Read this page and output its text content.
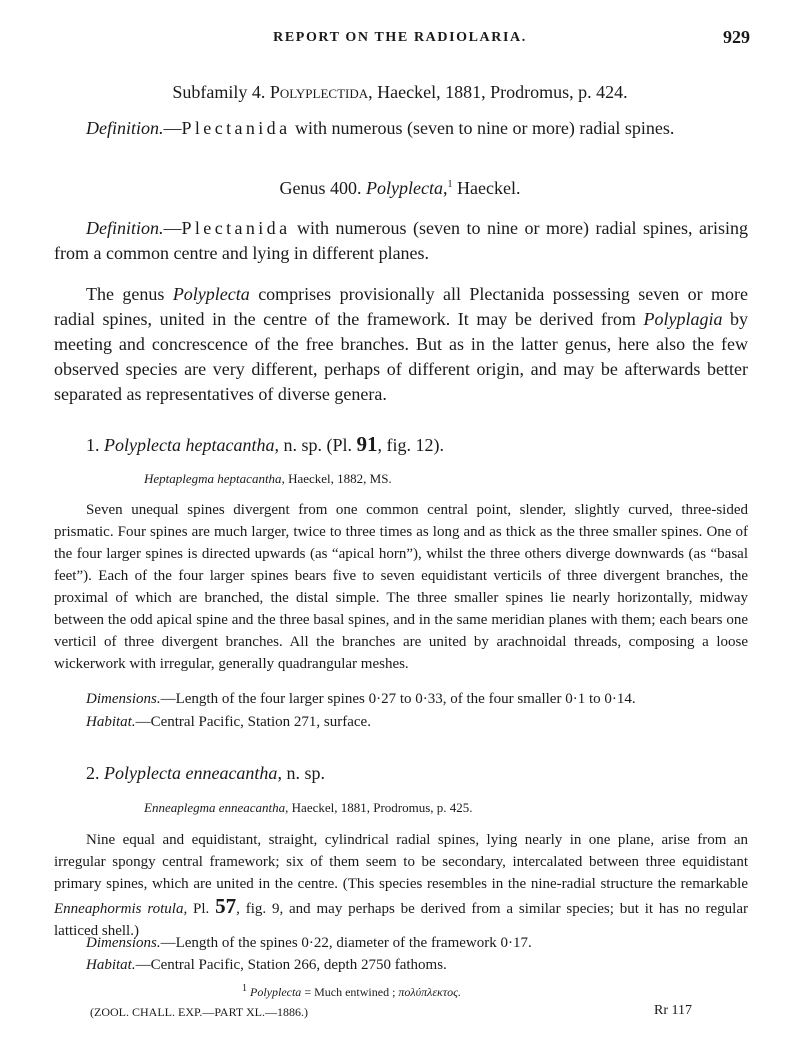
REPORT ON THE RADIOLARIA.	929
Subfamily 4. Polyplectida, Haeckel, 1881, Prodromus, p. 424.
Definition.—Plectanida with numerous (seven to nine or more) radial spines.
Genus 400. Polyplecta,$^1$ Haeckel.
Definition.—Plectanida with numerous (seven to nine or more) radial spines, arising from a common centre and lying in different planes.
The genus Polyplecta comprises provisionally all Plectanida possessing seven or more radial spines, united in the centre of the framework. It may be derived from Polyplagia by meeting and concrescence of the free branches. But as in the latter genus, here also the few observed species are very different, perhaps of different origin, and may be afterwards better separated as representatives of diverse genera.
1. Polyplecta heptacantha, n. sp. (Pl. 91, fig. 12).
Heptaplegma heptacantha, Haeckel, 1882, MS.
Seven unequal spines divergent from one common central point, slender, slightly curved, three-sided prismatic. Four spines are much larger, twice to three times as long and as thick as the three smaller spines. One of the four larger spines is directed upwards (as “apical horn”), whilst the three others diverge downwards (as “basal feet”). Each of the four larger spines bears five to seven equidistant verticils of three divergent branches, the proximal of which are branched, the distal simple. The three smaller spines lie nearly horizontally, midway between the odd apical spine and the three basal spines, and in the same meridian planes with them; each bears one verticil of three divergent branches. All the branches are united by arachnoidal threads, composing a loose wickerwork with irregular, generally quadrangular meshes.
Dimensions.—Length of the four larger spines 0·27 to 0·33, of the four smaller 0·1 to 0·14.
Habitat.—Central Pacific, Station 271, surface.
2. Polyplecta enneacantha, n. sp.
Enneaplegma enneacantha, Haeckel, 1881, Prodromus, p. 425.
Nine equal and equidistant, straight, cylindrical radial spines, lying nearly in one plane, arise from an irregular spongy central framework; six of them seem to be secondary, intercalated between three equidistant primary spines, which are united in the centre. (This species resembles in the nine-radial structure the remarkable Enneaphormis rotula, Pl. 57, fig. 9, and may perhaps be derived from a similar species; but it has no regular latticed shell.)
Dimensions.—Length of the spines 0·22, diameter of the framework 0·17.
Habitat.—Central Pacific, Station 266, depth 2750 fathoms.
$^1$ Polyplecta = Much entwined ; πολύπλεκτος.
(ZOOL. CHALL. EXP.—PART XL.—1886.)	Rr 117
